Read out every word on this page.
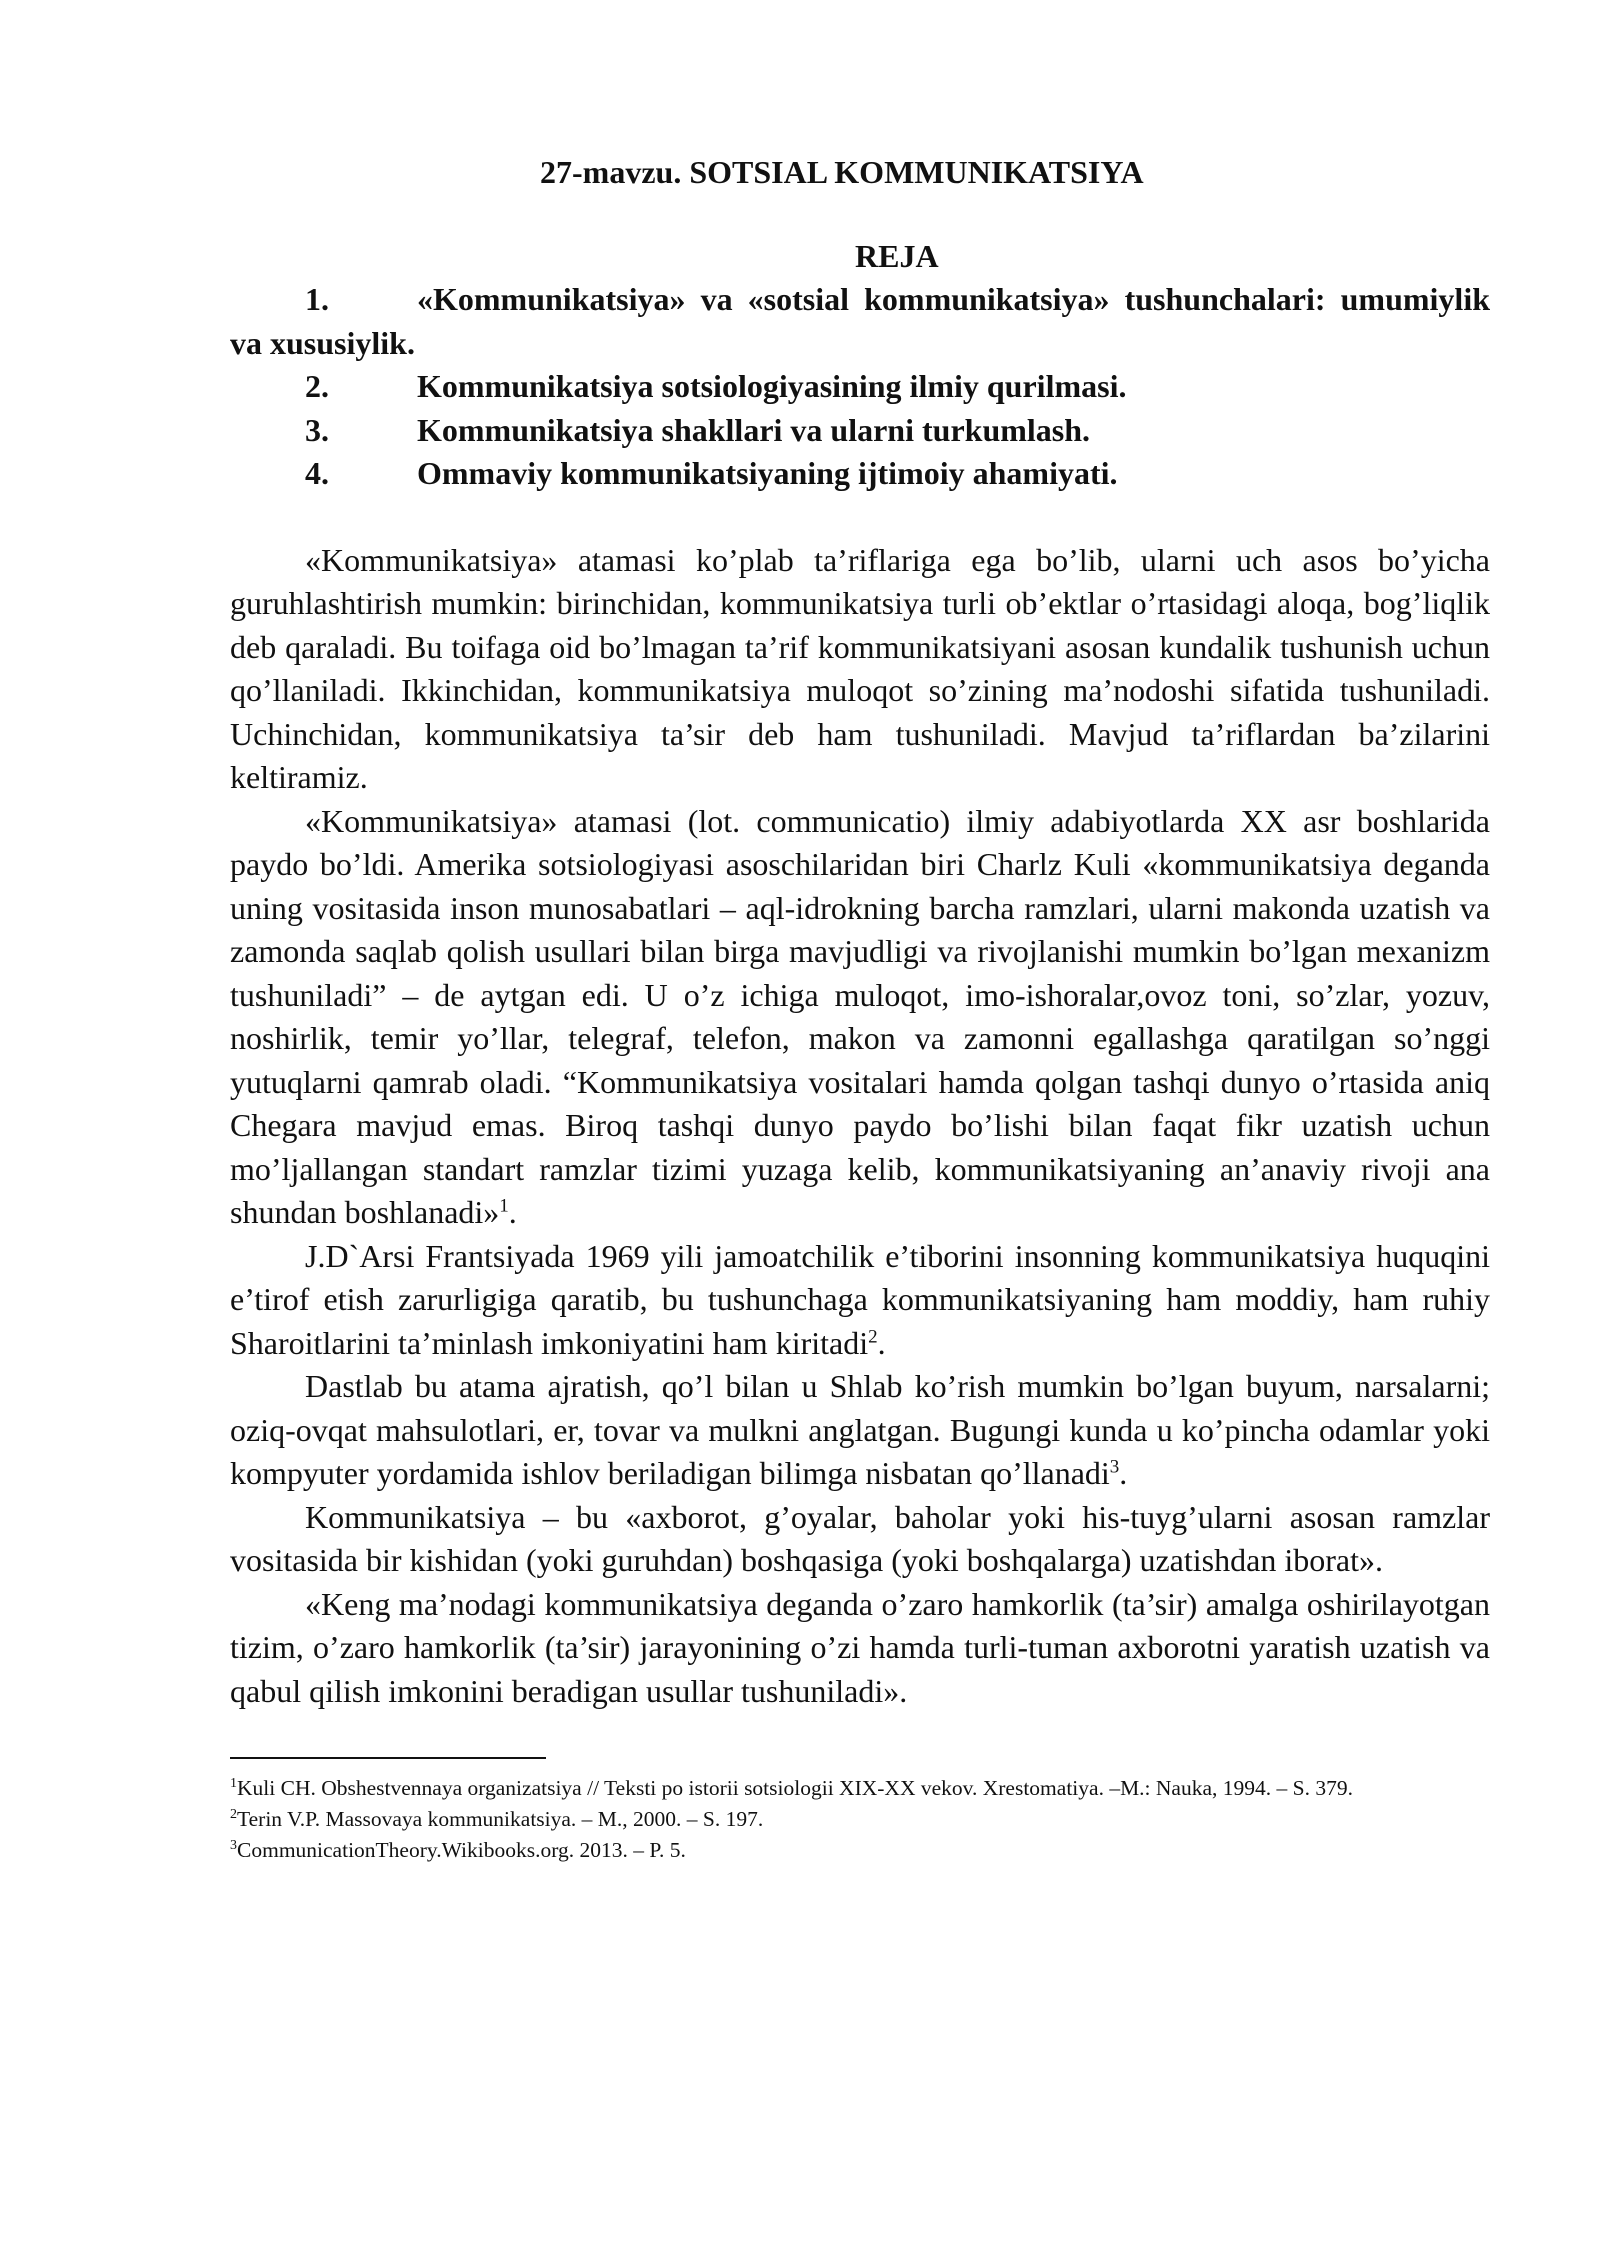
27-mavzu. SOTSIAL KOMMUNIKATSIYA
REJA
1.	«Kommunikatsiya» va «sotsial kommunikatsiya» tushunchalari: umumiylik va xususiylik.
2.	Kommunikatsiya sotsiologiyasining ilmiy qurilmasi.
3.	Kommunikatsiya shakllari va ularni turkumlash.
4.	Ommaviy kommunikatsiyaning ijtimoiy ahamiyati.

«Kommunikatsiya» atamasi ko’plab ta’riflariga ega bo’lib, ularni uch asos bo’yicha guruhlashtirish mumkin: birinchidan, kommunikatsiya turli ob’ektlar o’rtasidagi aloqa, bog’liqlik deb qaraladi. Bu toifaga oid bo’lmagan ta’rif kommunikatsiyani asosan kundalik tushunish uchun qo’llaniladi. Ikkinchidan, kommunikatsiya muloqot so’zining ma’nodoshi sifatida tushuniladi. Uchinchidan, kommunikatsiya ta’sir deb ham tushuniladi. Mavjud ta’riflardan ba’zilarini keltiramiz.

«Kommunikatsiya» atamasi (lot. communicatio) ilmiy adabiyotlarda XX asr boshlarida paydo bo’ldi. Amerika sotsiologiyasi asoschilaridan biri Charlz Kuli «kommunikatsiya deganda uning vositasida inson munosabatlari – aql-idrokning barcha ramzlari, ularni makonda uzatish va zamonda saqlab qolish usullari bilan birga mavjudligi va rivojlanishi mumkin bo’lgan mexanizm tushuniladi” – de aytgan edi. U o’z ichiga muloqot, imo-ishoralar,ovoz toni, so’zlar, yozuv, noshirlik, temir yo’llar, telegraf, telefon, makon va zamonni egallashga qaratilgan so’nggi yutuqlarni qamrab oladi. “Kommunikatsiya vositalari hamda qolgan tashqi dunyo o’rtasida aniq Chegara mavjud emas. Biroq tashqi dunyo paydo bo’lishi bilan faqat fikr uzatish uchun mo’ljallangan standart ramzlar tizimi yuzaga kelib, kommunikatsiyaning an’anaviy rivoji ana shundan boshlanadi»$^1$.

J.D`Arsi Frantsiyada 1969 yili jamoatchilik e’tiborini insonning kommunikatsiya huquqini e’tirof etish zarurligiga qaratib, bu tushunchaga kommunikatsiyaning ham moddiy, ham ruhiy Sharoitlarini ta’minlash imkoniyatini ham kiritadi$^2$.

Dastlab bu atama ajratish, qo’l bilan u Shlab ko’rish mumkin bo’lgan buyum, narsalarni; oziq-ovqat mahsulotlari, er, tovar va mulkni anglatgan. Bugungi kunda u ko’pincha odamlar yoki kompyuter yordamida ishlov beriladigan bilimga nisbatan qo’llanadi$^3$.

Kommunikatsiya – bu «axborot, g’oyalar, baholar yoki his-tuyg’ularni asosan ramzlar vositasida bir kishidan (yoki guruhdan) boshqasiga (yoki boshqalarga) uzatishdan iborat».

«Keng ma’nodagi kommunikatsiya deganda o’zaro hamkorlik (ta’sir) amalga oshirilayotgan tizim, o’zaro hamkorlik (ta’sir) jarayonining o’zi hamda turli-tuman axborotni yaratish uzatish va qabul qilish imkonini beradigan usullar tushuniladi».

$^1$Kuli CH. Obshestvennaya organizatsiya // Teksti po istorii sotsiologii XIX-XX vekov. Xrestomatiya. –M.: Nauka, 1994. – S. 379.

$^2$Terin V.P. Massovaya kommunikatsiya. – M., 2000. – S. 197.

$^3$CommunicationTheory.Wikibooks.org. 2013. – P. 5.
